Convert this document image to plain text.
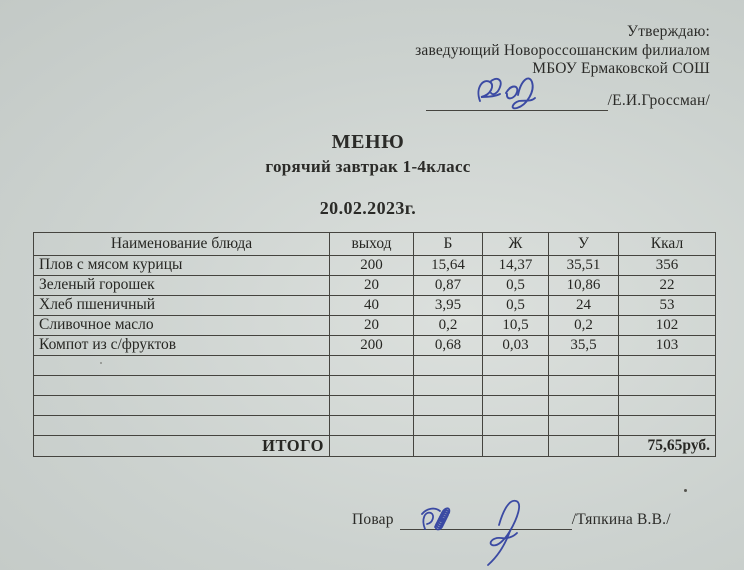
Утверждаю:
заведующий Новороссошанским филиалом
МБОУ Ермаковской СОШ
/Е.И.Гроссман/
МЕНЮ
горячий завтрак 1-4класс
20.02.2023г.
Наименование блюда	выход	Б	Ж	У	Ккал
Плов с мясом курицы	200	15,64	14,37	35,51	356
Зеленый горошек	20	0,87	0,5	10,86	22
Хлеб пшеничный	40	3,95	0,5	24	53
Сливочное масло	20	0,2	10,5	0,2	102
Компот из с/фруктов	200	0,68	0,03	35,5	103

ИТОГО					75,65руб.
Повар	/Тяпкина В.В./
